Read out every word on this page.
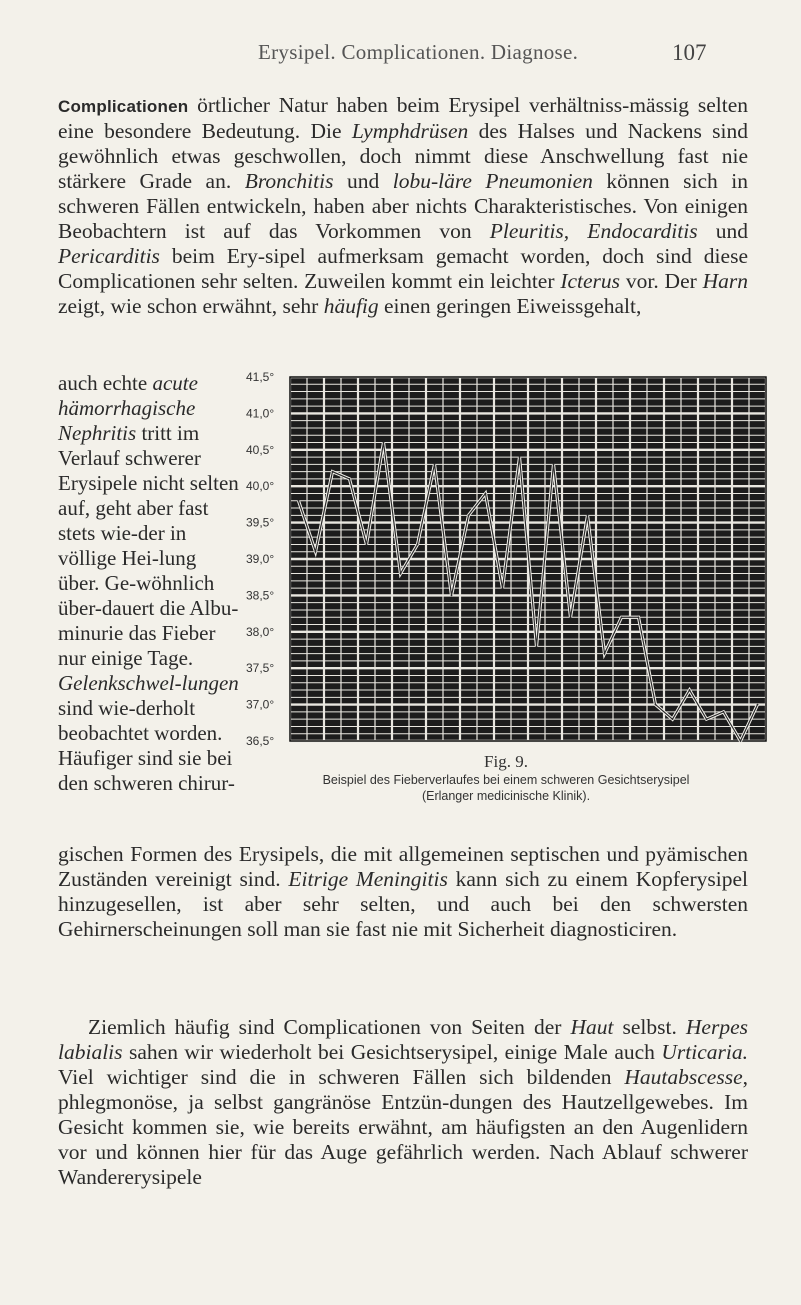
Erysipel. Complicationen. Diagnose.	107
Complicationen örtlicher Natur haben beim Erysipel verhältniss-mässig selten eine besondere Bedeutung. Die Lymphdrüsen des Halses und Nackens sind gewöhnlich etwas geschwollen, doch nimmt diese Anschwellung fast nie stärkere Grade an. Bronchitis und lobu-läre Pneumonien können sich in schweren Fällen entwickeln, haben aber nichts Charakteristisches. Von einigen Beobachtern ist auf das Vorkommen von Pleuritis, Endocarditis und Pericarditis beim Ery-sipel aufmerksam gemacht worden, doch sind diese Complicationen sehr selten. Zuweilen kommt ein leichter Icterus vor. Der Harn zeigt, wie schon erwähnt, sehr häufig einen geringen Eiweissgehalt,
auch echte acute hämorrhagische Nephritis tritt im Verlauf schwerer Erysipele nicht selten auf, geht aber fast stets wie-der in völlige Hei-lung über. Ge-wöhnlich über-dauert die Albu-minurie das Fieber nur einige Tage. Gelenkschwel-lungen sind wie-derholt beobachtet worden. Häufiger sind sie bei den schweren chirur-
41,5°
41,0°
40,5°
40,0°
39,5°
39,0°
38,5°
38,0°
37,5°
37,0°
36,5°
Fig. 9.
Beispiel des Fieberverlaufes bei einem schweren Gesichtserysipel
(Erlanger medicinische Klinik).
gischen Formen des Erysipels, die mit allgemeinen septischen und pyämischen Zuständen vereinigt sind. Eitrige Meningitis kann sich zu einem Kopferysipel hinzugesellen, ist aber sehr selten, und auch bei den schwersten Gehirnerscheinungen soll man sie fast nie mit Sicherheit diagnosticiren.
Ziemlich häufig sind Complicationen von Seiten der Haut selbst. Herpes labialis sahen wir wiederholt bei Gesichtserysipel, einige Male auch Urticaria. Viel wichtiger sind die in schweren Fällen sich bildenden Hautabscesse, phlegmonöse, ja selbst gangränöse Entzün-dungen des Hautzellgewebes. Im Gesicht kommen sie, wie bereits erwähnt, am häufigsten an den Augenlidern vor und können hier für das Auge gefährlich werden. Nach Ablauf schwerer Wandererysipele
